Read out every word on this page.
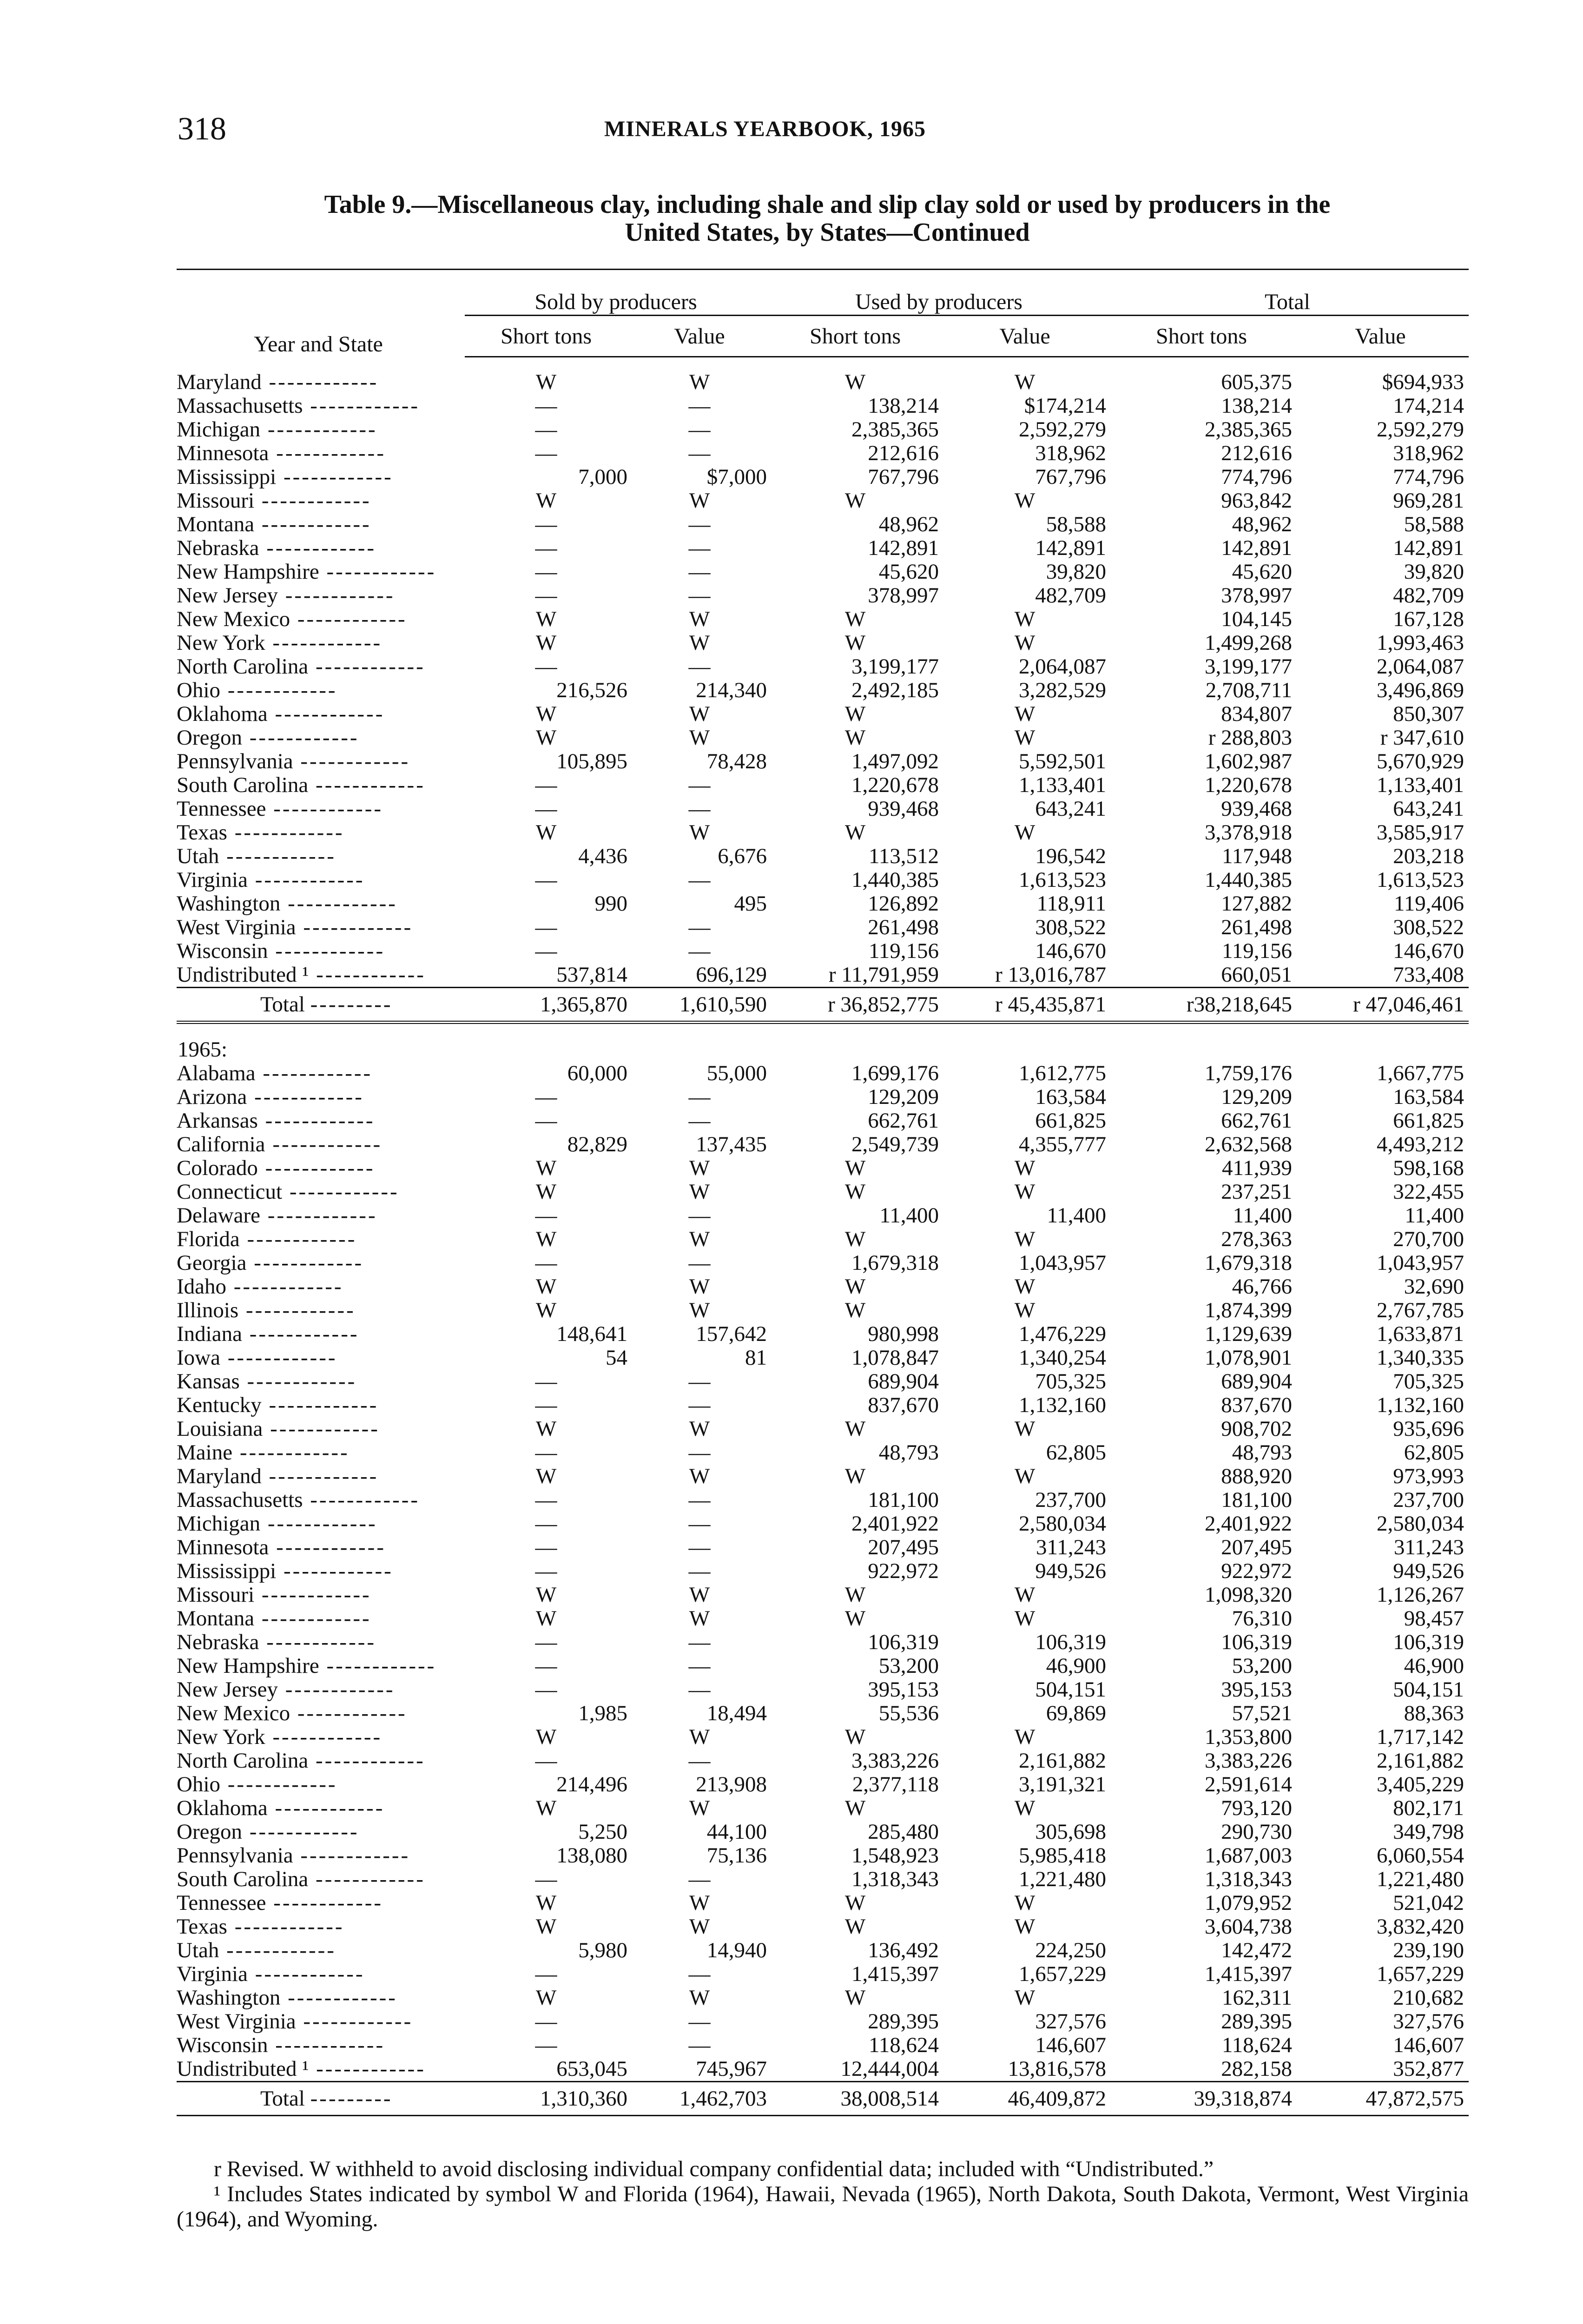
318	MINERALS YEARBOOK, 1965
Table 9.—Miscellaneous clay, including shale and slip clay sold or used by producers in the
United States, by States—Continued
Year and State	Sold by producers		Used by producers		Total	
	Short tons	Value	Short tons	Value	Short tons	Value

Maryland ------------	W	W	W	W	605,375	$694,933
Massachusetts ------------	—	—	138,214	$174,214	138,214	174,214
Michigan ------------	—	—	2,385,365	2,592,279	2,385,365	2,592,279
Minnesota ------------	—	—	212,616	318,962	212,616	318,962
Mississippi ------------	7,000	$7,000	767,796	767,796	774,796	774,796
Missouri ------------	W	W	W	W	963,842	969,281
Montana ------------	—	—	48,962	58,588	48,962	58,588
Nebraska ------------	—	—	142,891	142,891	142,891	142,891
New Hampshire ------------	—	—	45,620	39,820	45,620	39,820
New Jersey ------------	—	—	378,997	482,709	378,997	482,709
New Mexico ------------	W	W	W	W	104,145	167,128
New York ------------	W	W	W	W	1,499,268	1,993,463
North Carolina ------------	—	—	3,199,177	2,064,087	3,199,177	2,064,087
Ohio ------------	216,526	214,340	2,492,185	3,282,529	2,708,711	3,496,869
Oklahoma ------------	W	W	W	W	834,807	850,307
Oregon ------------	W	W	W	W	r 288,803	r 347,610
Pennsylvania ------------	105,895	78,428	1,497,092	5,592,501	1,602,987	5,670,929
South Carolina ------------	—	—	1,220,678	1,133,401	1,220,678	1,133,401
Tennessee ------------	—	—	939,468	643,241	939,468	643,241
Texas ------------	W	W	W	W	3,378,918	3,585,917
Utah ------------	4,436	6,676	113,512	196,542	117,948	203,218
Virginia ------------	—	—	1,440,385	1,613,523	1,440,385	1,613,523
Washington ------------	990	495	126,892	118,911	127,882	119,406
West Virginia ------------	—	—	261,498	308,522	261,498	308,522
Wisconsin ------------	—	—	119,156	146,670	119,156	146,670
Undistributed ¹ ------------	537,814	696,129	r 11,791,959	r 13,016,787	660,051	733,408
Total ---------	1,365,870	1,610,590	r 36,852,775	r 45,435,871	r38,218,645	r 47,046,461

1965:						
Alabama ------------	60,000	55,000	1,699,176	1,612,775	1,759,176	1,667,775
Arizona ------------	—	—	129,209	163,584	129,209	163,584
Arkansas ------------	—	—	662,761	661,825	662,761	661,825
California ------------	82,829	137,435	2,549,739	4,355,777	2,632,568	4,493,212
Colorado ------------	W	W	W	W	411,939	598,168
Connecticut ------------	W	W	W	W	237,251	322,455
Delaware ------------	—	—	11,400	11,400	11,400	11,400
Florida ------------	W	W	W	W	278,363	270,700
Georgia ------------	—	—	1,679,318	1,043,957	1,679,318	1,043,957
Idaho ------------	W	W	W	W	46,766	32,690
Illinois ------------	W	W	W	W	1,874,399	2,767,785
Indiana ------------	148,641	157,642	980,998	1,476,229	1,129,639	1,633,871
Iowa ------------	54	81	1,078,847	1,340,254	1,078,901	1,340,335
Kansas ------------	—	—	689,904	705,325	689,904	705,325
Kentucky ------------	—	—	837,670	1,132,160	837,670	1,132,160
Louisiana ------------	W	W	W	W	908,702	935,696
Maine ------------	—	—	48,793	62,805	48,793	62,805
Maryland ------------	W	W	W	W	888,920	973,993
Massachusetts ------------	—	—	181,100	237,700	181,100	237,700
Michigan ------------	—	—	2,401,922	2,580,034	2,401,922	2,580,034
Minnesota ------------	—	—	207,495	311,243	207,495	311,243
Mississippi ------------	—	—	922,972	949,526	922,972	949,526
Missouri ------------	W	W	W	W	1,098,320	1,126,267
Montana ------------	W	W	W	W	76,310	98,457
Nebraska ------------	—	—	106,319	106,319	106,319	106,319
New Hampshire ------------	—	—	53,200	46,900	53,200	46,900
New Jersey ------------	—	—	395,153	504,151	395,153	504,151
New Mexico ------------	1,985	18,494	55,536	69,869	57,521	88,363
New York ------------	W	W	W	W	1,353,800	1,717,142
North Carolina ------------	—	—	3,383,226	2,161,882	3,383,226	2,161,882
Ohio ------------	214,496	213,908	2,377,118	3,191,321	2,591,614	3,405,229
Oklahoma ------------	W	W	W	W	793,120	802,171
Oregon ------------	5,250	44,100	285,480	305,698	290,730	349,798
Pennsylvania ------------	138,080	75,136	1,548,923	5,985,418	1,687,003	6,060,554
South Carolina ------------	—	—	1,318,343	1,221,480	1,318,343	1,221,480
Tennessee ------------	W	W	W	W	1,079,952	521,042
Texas ------------	W	W	W	W	3,604,738	3,832,420
Utah ------------	5,980	14,940	136,492	224,250	142,472	239,190
Virginia ------------	—	—	1,415,397	1,657,229	1,415,397	1,657,229
Washington ------------	W	W	W	W	162,311	210,682
West Virginia ------------	—	—	289,395	327,576	289,395	327,576
Wisconsin ------------	—	—	118,624	146,607	118,624	146,607
Undistributed ¹ ------------	653,045	745,967	12,444,004	13,816,578	282,158	352,877
Total ---------	1,310,360	1,462,703	38,008,514	46,409,872	39,318,874	47,872,575

r Revised. W withheld to avoid disclosing individual company confidential data; included with “Undistributed.”

¹ Includes States indicated by symbol W and Florida (1964), Hawaii, Nevada (1965), North Dakota, South Dakota, Vermont, West Virginia (1964), and Wyoming.
